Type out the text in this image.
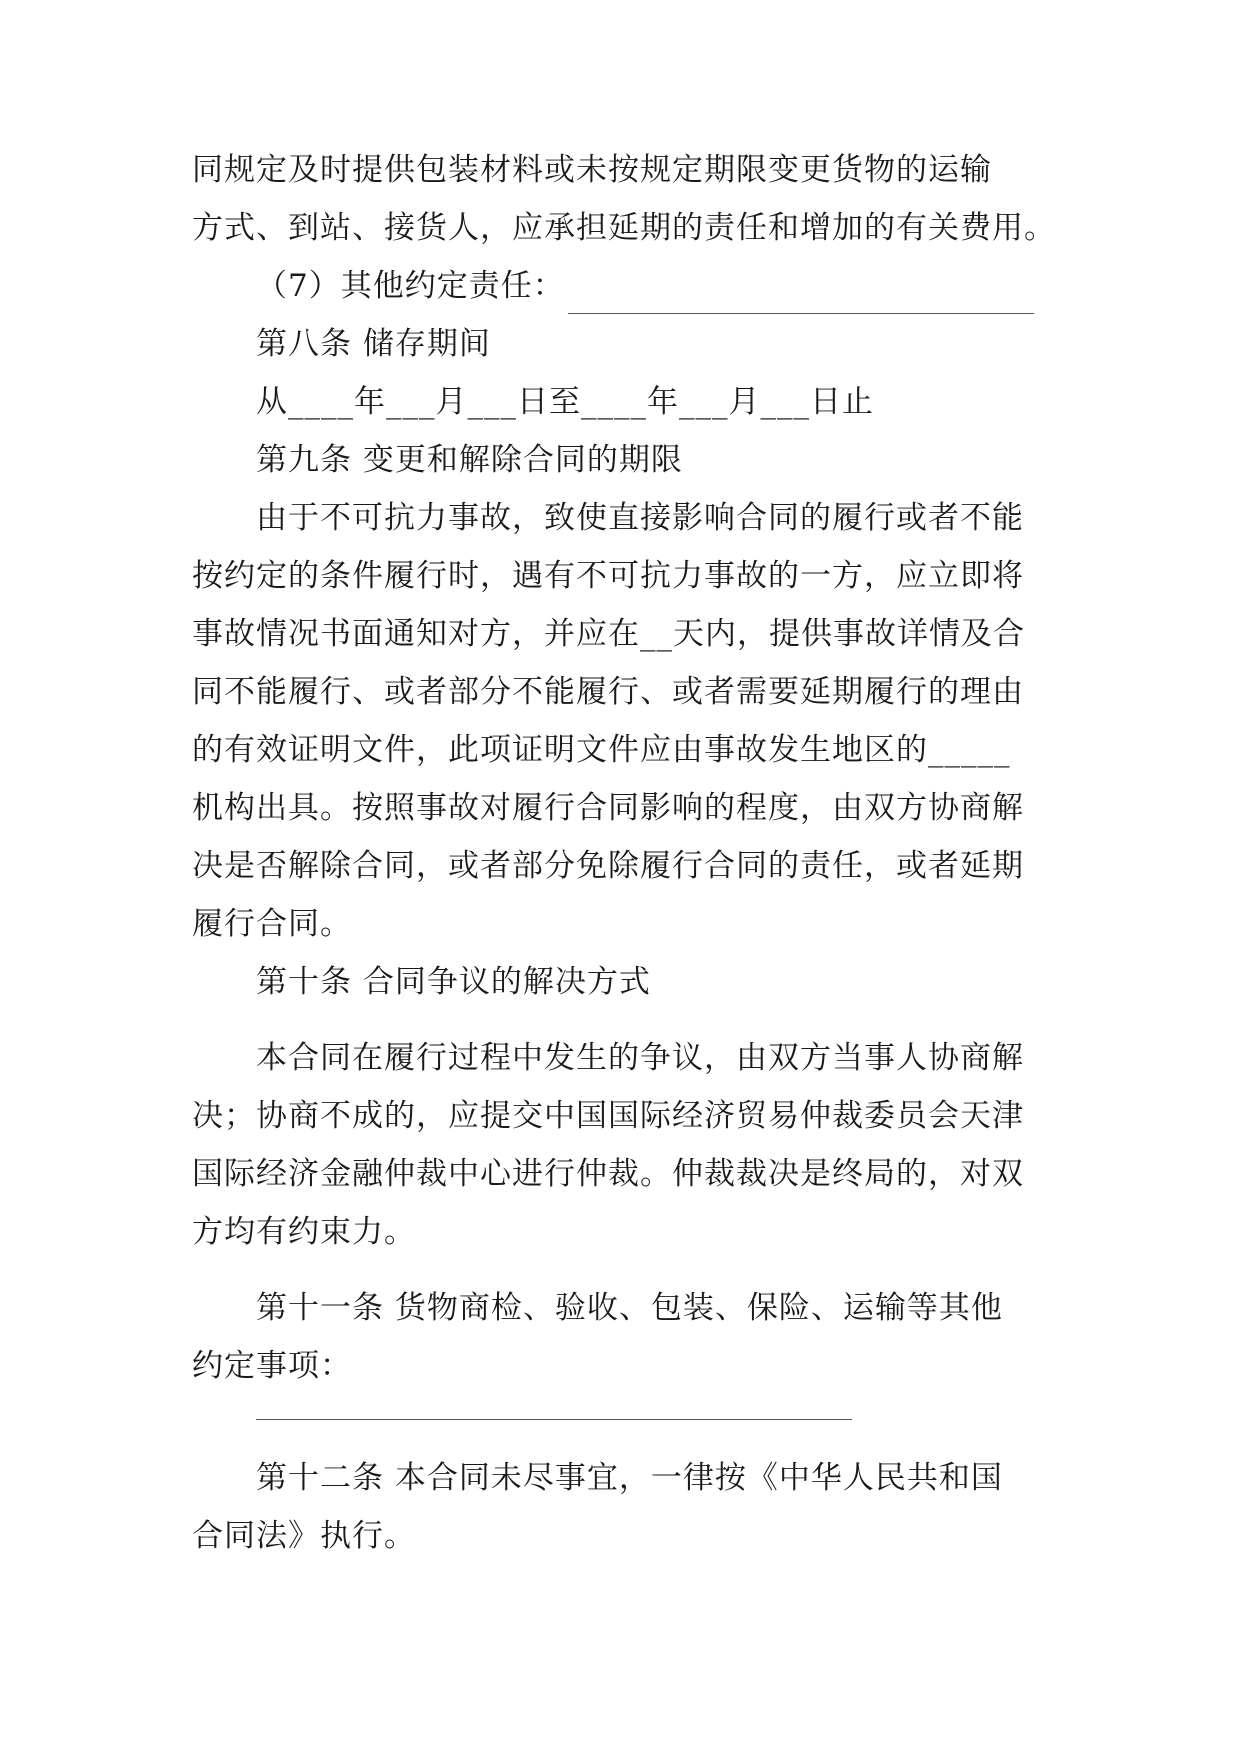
同规定及时提供包装材料或未按规定期限变更货物的运输
方式、到站、接货人，应承担延期的责任和增加的有关费用。
（7）其他约定责任：
第八条 储存期间
从____年___月___日至____年___月___日止
第九条 变更和解除合同的期限
由于不可抗力事故，致使直接影响合同的履行或者不能
按约定的条件履行时，遇有不可抗力事故的一方，应立即将
事故情况书面通知对方，并应在__天内，提供事故详情及合
同不能履行、或者部分不能履行、或者需要延期履行的理由
的有效证明文件，此项证明文件应由事故发生地区的_____
机构出具。按照事故对履行合同影响的程度，由双方协商解
决是否解除合同，或者部分免除履行合同的责任，或者延期
履行合同。
第十条 合同争议的解决方式
本合同在履行过程中发生的争议，由双方当事人协商解
决；协商不成的，应提交中国国际经济贸易仲裁委员会天津
国际经济金融仲裁中心进行仲裁。仲裁裁决是终局的，对双
方均有约束力。
第十一条 货物商检、验收、包装、保险、运输等其他
约定事项：
第十二条 本合同未尽事宜，一律按《中华人民共和国
合同法》执行。
